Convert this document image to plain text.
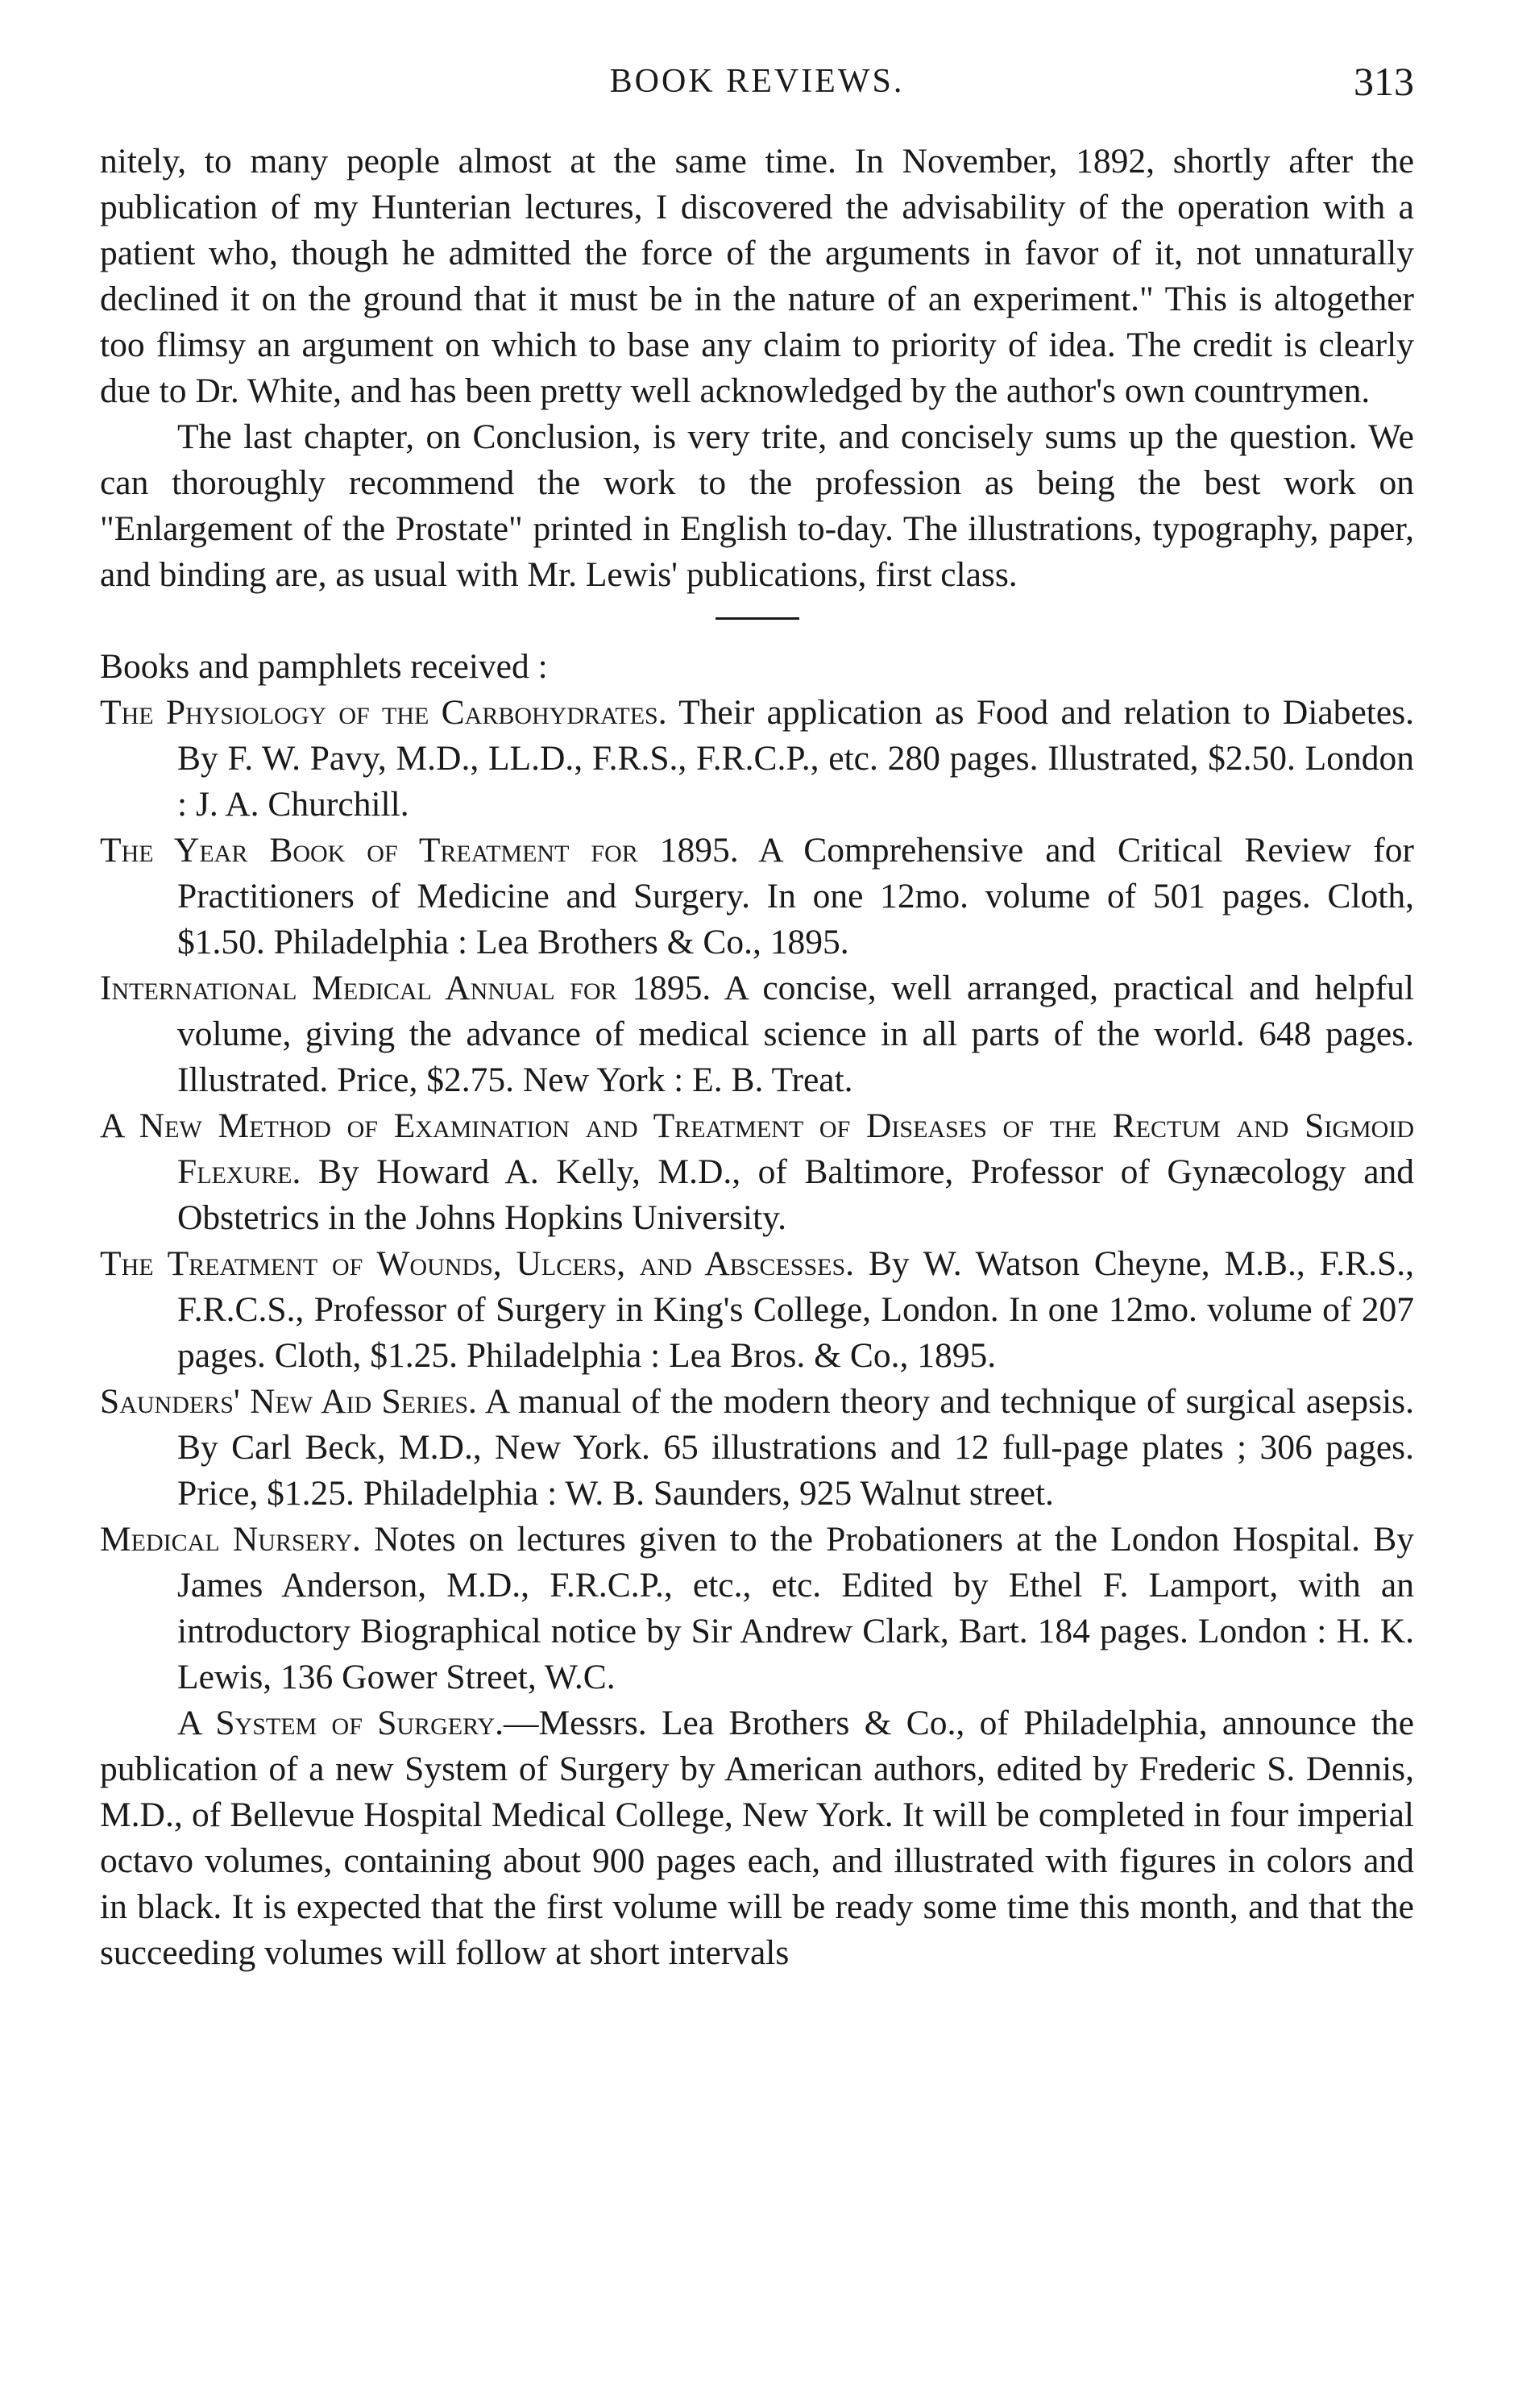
BOOK REVIEWS.	313

nitely, to many people almost at the same time. In November, 1892, shortly after the publication of my Hunterian lectures, I discovered the advisability of the operation with a patient who, though he admitted the force of the arguments in favor of it, not unnaturally declined it on the ground that it must be in the nature of an experiment." This is altogether too flimsy an argument on which to base any claim to priority of idea. The credit is clearly due to Dr. White, and has been pretty well acknowledged by the author's own countrymen.

The last chapter, on Conclusion, is very trite, and concisely sums up the question. We can thoroughly recommend the work to the profession as being the best work on "Enlargement of the Prostate" printed in English to-day. The illustrations, typography, paper, and binding are, as usual with Mr. Lewis' publications, first class.

Books and pamphlets received :

The Physiology of the Carbohydrates. Their application as Food and relation to Diabetes. By F. W. Pavy, M.D., LL.D., F.R.S., F.R.C.P., etc. 280 pages. Illustrated, $2.50. London : J. A. Churchill.

The Year Book of Treatment for 1895. A Comprehensive and Critical Review for Practitioners of Medicine and Surgery. In one 12mo. volume of 501 pages. Cloth, $1.50. Philadelphia : Lea Brothers & Co., 1895.

International Medical Annual for 1895. A concise, well arranged, practical and helpful volume, giving the advance of medical science in all parts of the world. 648 pages. Illustrated. Price, $2.75. New York : E. B. Treat.

A New Method of Examination and Treatment of Diseases of the Rectum and Sigmoid Flexure. By Howard A. Kelly, M.D., of Baltimore, Professor of Gynæcology and Obstetrics in the Johns Hopkins University.

The Treatment of Wounds, Ulcers, and Abscesses. By W. Watson Cheyne, M.B., F.R.S., F.R.C.S., Professor of Surgery in King's College, London. In one 12mo. volume of 207 pages. Cloth, $1.25. Philadelphia : Lea Bros. & Co., 1895.

Saunders' New Aid Series. A manual of the modern theory and technique of surgical asepsis. By Carl Beck, M.D., New York. 65 illustrations and 12 full-page plates ; 306 pages. Price, $1.25. Philadelphia : W. B. Saunders, 925 Walnut street.

Medical Nursery. Notes on lectures given to the Probationers at the London Hospital. By James Anderson, M.D., F.R.C.P., etc., etc. Edited by Ethel F. Lamport, with an introductory Biographical notice by Sir Andrew Clark, Bart. 184 pages. London : H. K. Lewis, 136 Gower Street, W.C.

A System of Surgery.—Messrs. Lea Brothers & Co., of Philadelphia, announce the publication of a new System of Surgery by American authors, edited by Frederic S. Dennis, M.D., of Bellevue Hospital Medical College, New York. It will be completed in four imperial octavo volumes, containing about 900 pages each, and illustrated with figures in colors and in black. It is expected that the first volume will be ready some time this month, and that the succeeding volumes will follow at short intervals
